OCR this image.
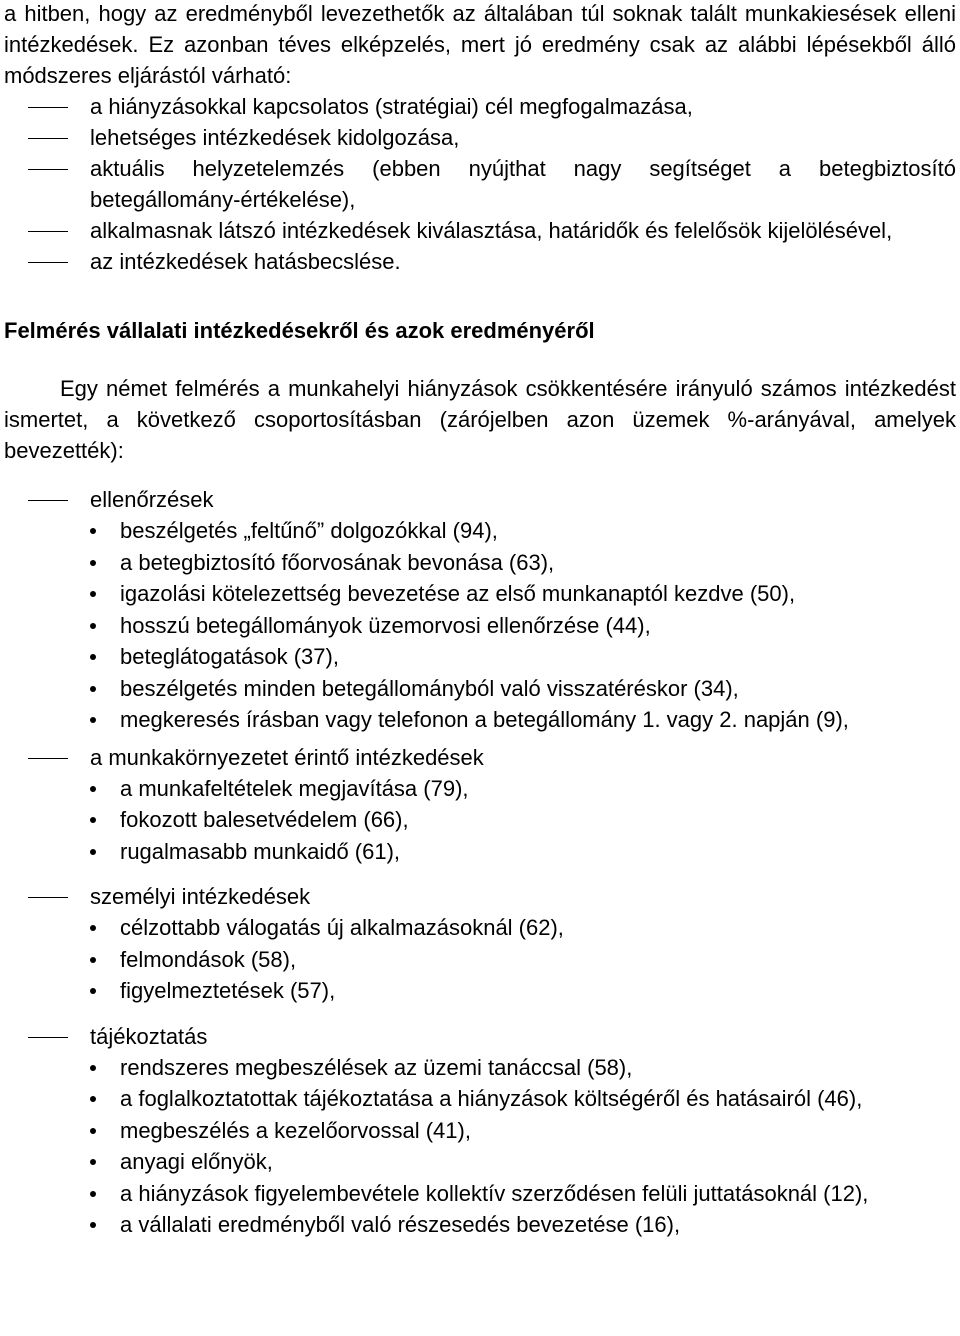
a hitben, hogy az eredményből levezethetők az általában túl soknak talált munkakiesések elleni intézkedések. Ez azonban téves elképzelés, mert jó eredmény csak az alábbi lépésekből álló módszeres eljárástól várható:

a hiányzásokkal kapcsolatos (stratégiai) cél megfogalmazása,
lehetséges intézkedések kidolgozása,
aktuális helyzetelemzés (ebben nyújthat nagy segítséget a betegbiztosító betegállomány-értékelése),
alkalmasnak látszó intézkedések kiválasztása, határidők és felelősök kijelölésével,
az intézkedések hatásbecslése.
Felmérés vállalati intézkedésekről és azok eredményéről

Egy német felmérés a munkahelyi hiányzások csökkentésére irányuló számos intézkedést ismertet, a következő csoportosításban (zárójelben azon üzemek %-arányával, amelyek bevezették):

ellenőrzések
beszélgetés „feltűnő” dolgozókkal (94),
a betegbiztosító főorvosának bevonása (63),
igazolási kötelezettség bevezetése az első munkanaptól kezdve (50),
hosszú betegállományok üzemorvosi ellenőrzése (44),
beteglátogatások (37),
beszélgetés minden betegállományból való visszatéréskor (34),
megkeresés írásban vagy telefonon a betegállomány 1. vagy 2. napján (9),
a munkakörnyezetet érintő intézkedések
a munkafeltételek megjavítása (79),
fokozott balesetvédelem (66),
rugalmasabb munkaidő (61),
személyi intézkedések
célzottabb válogatás új alkalmazásoknál (62),
felmondások (58),
figyelmeztetések (57),
tájékoztatás
rendszeres megbeszélések az üzemi tanáccsal (58),
a foglalkoztatottak tájékoztatása a hiányzások költségéről és hatásairól (46),
megbeszélés a kezelőorvossal (41),
anyagi előnyök,
a hiányzások figyelembevétele kollektív szerződésen felüli juttatásoknál (12),
a vállalati eredményből való részesedés bevezetése (16),
